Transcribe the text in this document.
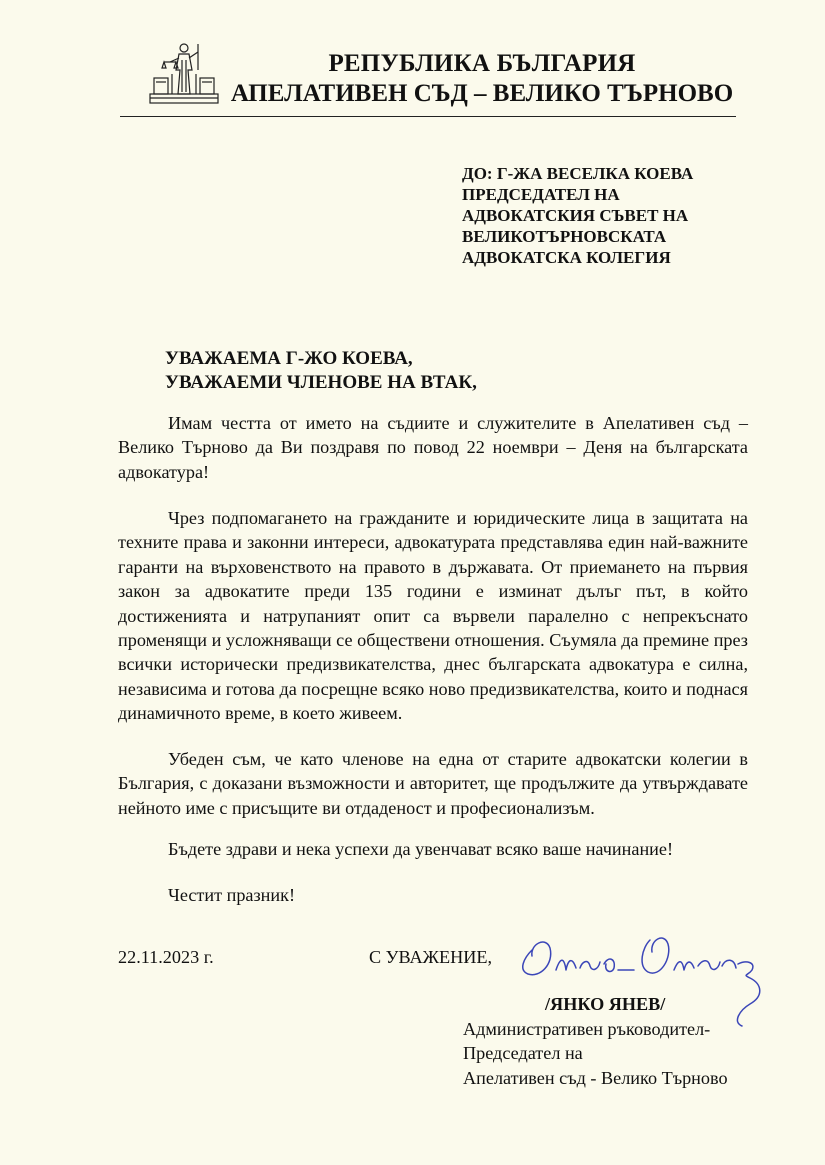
РЕПУБЛИКА БЪЛГАРИЯ
АПЕЛАТИВЕН СЪД – ВЕЛИКО ТЪРНОВО
ДО: Г-ЖА ВЕСЕЛКА КОЕВА
ПРЕДСЕДАТЕЛ НА
АДВОКАТСКИЯ СЪВЕТ НА
ВЕЛИКОТЪРНОВСКАТА
АДВОКАТСКА КОЛЕГИЯ
УВАЖАЕМА Г-ЖО КОЕВА,
УВАЖАЕМИ ЧЛЕНОВЕ НА ВТАК,

Имам честта от името на съдиите и служителите в Апелативен съд – Велико Търново да Ви поздравя по повод 22 ноември – Деня на българската адвокатура!

Чрез подпомагането на гражданите и юридическите лица в защитата на техните права и законни интереси, адвокатурата представлява един най-важните гаранти на върховенството на правото в държавата. От приемането на първия закон за адвокатите преди 135 години е изминат дълъг път, в който достиженията и натрупаният опит са вървели паралелно с непрекъснато променящи и усложняващи се обществени отношения. Съумяла да премине през всички исторически предизвикателства, днес българската адвокатура е силна, независима и готова да посрещне всяко ново предизвикателства, които и поднася динамичното време, в което живеем.

Убеден съм, че като членове на една от старите адвокатски колегии в България, с доказани възможности и авторитет, ще продължите да утвърждавате нейното име с присъщите ви отдаденост и професионализъм.

Бъдете здрави и нека успехи да увенчават всяко ваше начинание!

Честит празник!

22.11.2023 г.	С УВАЖЕНИЕ,
/ЯНКО ЯНЕВ/
Административен ръководител-
Председател на
Апелативен съд - Велико Търново
